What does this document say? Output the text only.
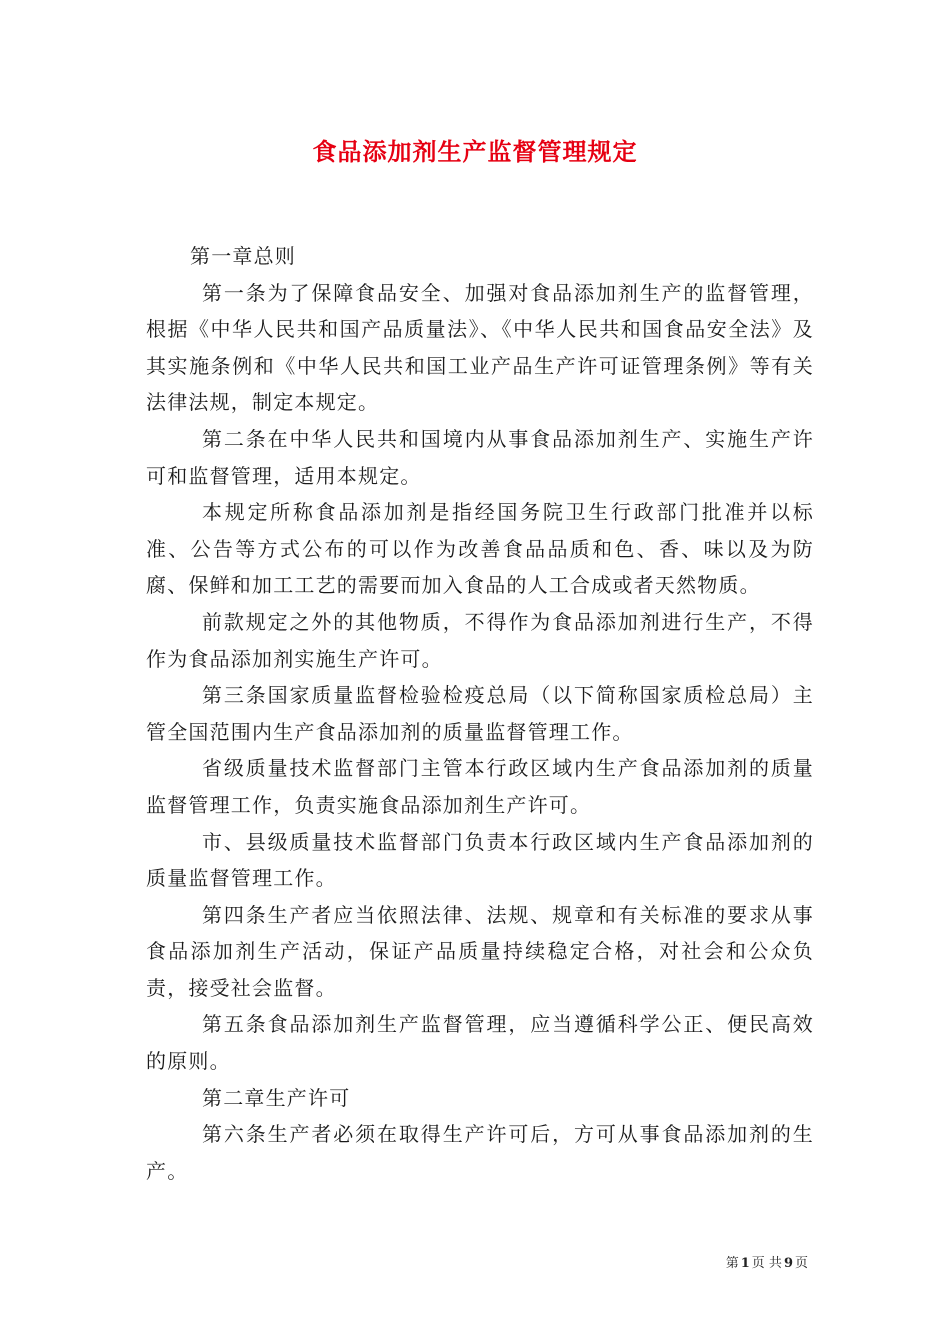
食品添加剂生产监督管理规定

第一章总则

第一条为了保障食品安全、加强对食品添加剂生产的监督管理，根据《中华人民共和国产品质量法》、《中华人民共和国食品安全法》及其实施条例和《中华人民共和国工业产品生产许可证管理条例》等有关法律法规，制定本规定。

第二条在中华人民共和国境内从事食品添加剂生产、实施生产许可和监督管理，适用本规定。

本规定所称食品添加剂是指经国务院卫生行政部门批准并以标准、公告等方式公布的可以作为改善食品品质和色、香、味以及为防腐、保鲜和加工工艺的需要而加入食品的人工合成或者天然物质。

前款规定之外的其他物质，不得作为食品添加剂进行生产，不得作为食品添加剂实施生产许可。

第三条国家质量监督检验检疫总局（以下简称国家质检总局）主管全国范围内生产食品添加剂的质量监督管理工作。

省级质量技术监督部门主管本行政区域内生产食品添加剂的质量监督管理工作，负责实施食品添加剂生产许可。

市、县级质量技术监督部门负责本行政区域内生产食品添加剂的质量监督管理工作。

第四条生产者应当依照法律、法规、规章和有关标准的要求从事食品添加剂生产活动，保证产品质量持续稳定合格，对社会和公众负责，接受社会监督。

第五条食品添加剂生产监督管理，应当遵循科学公正、便民高效的原则。

第二章生产许可

第六条生产者必须在取得生产许可后，方可从事食品添加剂的生产。

第 1 页 共 9 页
